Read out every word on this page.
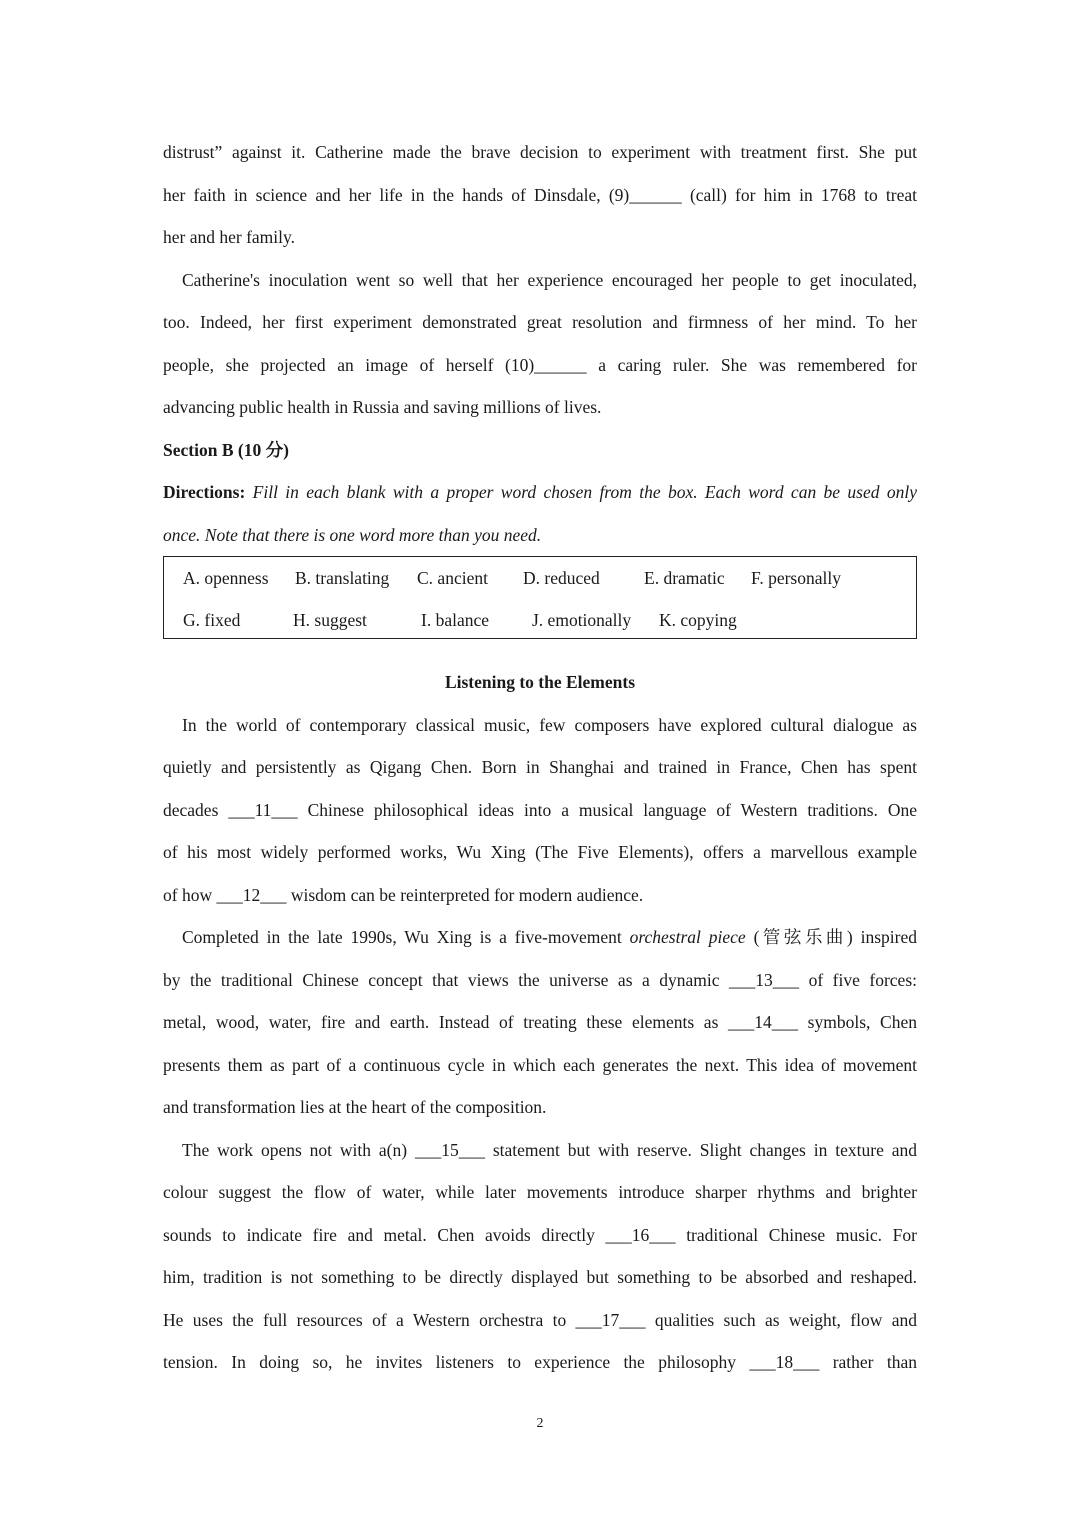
distrust” against it. Catherine made the brave decision to experiment with treatment first. She put
her faith in science and her life in the hands of Dinsdale, (9)______ (call) for him in 1768 to treat
her and her family.
Catherine's inoculation went so well that her experience encouraged her people to get inoculated,
too. Indeed, her first experiment demonstrated great resolution and firmness of her mind. To her
people, she projected an image of herself (10)______ a caring ruler. She was remembered for
advancing public health in Russia and saving millions of lives.
Section B (10 分)
Directions: Fill in each blank with a proper word chosen from the box. Each word can be used only
once. Note that there is one word more than you need.
A. openness	B. translating	C. ancient	D. reduced	E. dramatic	F. personally
G. fixed	H. suggest	I. balance	J. emotionally	K. copying
Listening to the Elements
In the world of contemporary classical music, few composers have explored cultural dialogue as
quietly and persistently as Qigang Chen. Born in Shanghai and trained in France, Chen has spent
decades ___11___ Chinese philosophical ideas into a musical language of Western traditions. One
of his most widely performed works, Wu Xing (The Five Elements), offers a marvellous example
of how ___12___ wisdom can be reinterpreted for modern audience.
Completed in the late 1990s, Wu Xing is a five-movement orchestral piece (管弦乐曲) inspired
by the traditional Chinese concept that views the universe as a dynamic ___13___ of five forces:
metal, wood, water, fire and earth. Instead of treating these elements as ___14___ symbols, Chen
presents them as part of a continuous cycle in which each generates the next. This idea of movement
and transformation lies at the heart of the composition.
The work opens not with a(n) ___15___ statement but with reserve. Slight changes in texture and
colour suggest the flow of water, while later movements introduce sharper rhythms and brighter
sounds to indicate fire and metal. Chen avoids directly ___16___ traditional Chinese music. For
him, tradition is not something to be directly displayed but something to be absorbed and reshaped.
He uses the full resources of a Western orchestra to ___17___ qualities such as weight, flow and
tension. In doing so, he invites listeners to experience the philosophy ___18___ rather than
2
